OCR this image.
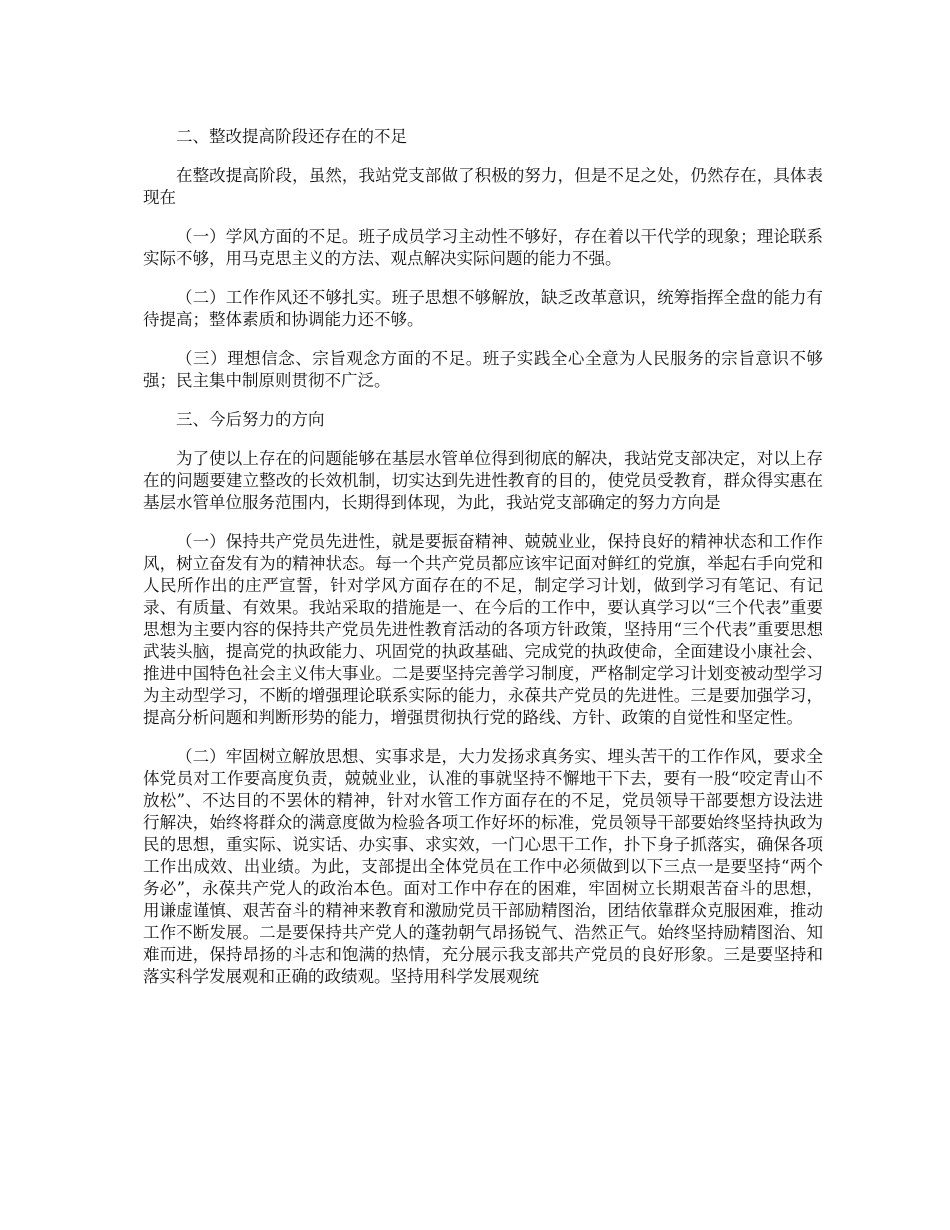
二、整改提高阶段还存在的不足

在整改提高阶段，虽然，我站党支部做了积极的努力，但是不足之处，仍然存在，具体表现在

（一）学风方面的不足。班子成员学习主动性不够好，存在着以干代学的现象；理论联系实际不够，用马克思主义的方法、观点解决实际问题的能力不强。

（二）工作作风还不够扎实。班子思想不够解放，缺乏改革意识，统筹指挥全盘的能力有待提高；整体素质和协调能力还不够。

（三）理想信念、宗旨观念方面的不足。班子实践全心全意为人民服务的宗旨意识不够强；民主集中制原则贯彻不广泛。

三、今后努力的方向

为了使以上存在的问题能够在基层水管单位得到彻底的解决，我站党支部决定，对以上存在的问题要建立整改的长效机制，切实达到先进性教育的目的，使党员受教育，群众得实惠在基层水管单位服务范围内，长期得到体现，为此，我站党支部确定的努力方向是

（一）保持共产党员先进性，就是要振奋精神、兢兢业业，保持良好的精神状态和工作作风，树立奋发有为的精神状态。每一个共产党员都应该牢记面对鲜红的党旗，举起右手向党和人民所作出的庄严宣誓，针对学风方面存在的不足，制定学习计划，做到学习有笔记、有记录、有质量、有效果。我站采取的措施是一、在今后的工作中，要认真学习以“三个代表”重要思想为主要内容的保持共产党员先进性教育活动的各项方针政策，坚持用“三个代表”重要思想武装头脑，提高党的执政能力、巩固党的执政基础、完成党的执政使命，全面建设小康社会、推进中国特色社会主义伟大事业。二是要坚持完善学习制度，严格制定学习计划变被动型学习为主动型学习，不断的增强理论联系实际的能力，永葆共产党员的先进性。三是要加强学习，提高分析问题和判断形势的能力，增强贯彻执行党的路线、方针、政策的自觉性和坚定性。

（二）牢固树立解放思想、实事求是，大力发扬求真务实、埋头苦干的工作作风，要求全体党员对工作要高度负责，兢兢业业，认准的事就坚持不懈地干下去，要有一股“咬定青山不放松”、不达目的不罢休的精神，针对水管工作方面存在的不足，党员领导干部要想方设法进行解决，始终将群众的满意度做为检验各项工作好坏的标准，党员领导干部要始终坚持执政为民的思想，重实际、说实话、办实事、求实效，一门心思干工作，扑下身子抓落实，确保各项工作出成效、出业绩。为此，支部提出全体党员在工作中必须做到以下三点一是要坚持“两个务必”，永葆共产党人的政治本色。面对工作中存在的困难，牢固树立长期艰苦奋斗的思想，用谦虚谨慎、艰苦奋斗的精神来教育和激励党员干部励精图治，团结依靠群众克服困难，推动工作不断发展。二是要保持共产党人的蓬勃朝气昂扬锐气、浩然正气。始终坚持励精图治、知难而进，保持昂扬的斗志和饱满的热情，充分展示我支部共产党员的良好形象。三是要坚持和落实科学发展观和正确的政绩观。坚持用科学发展观统
